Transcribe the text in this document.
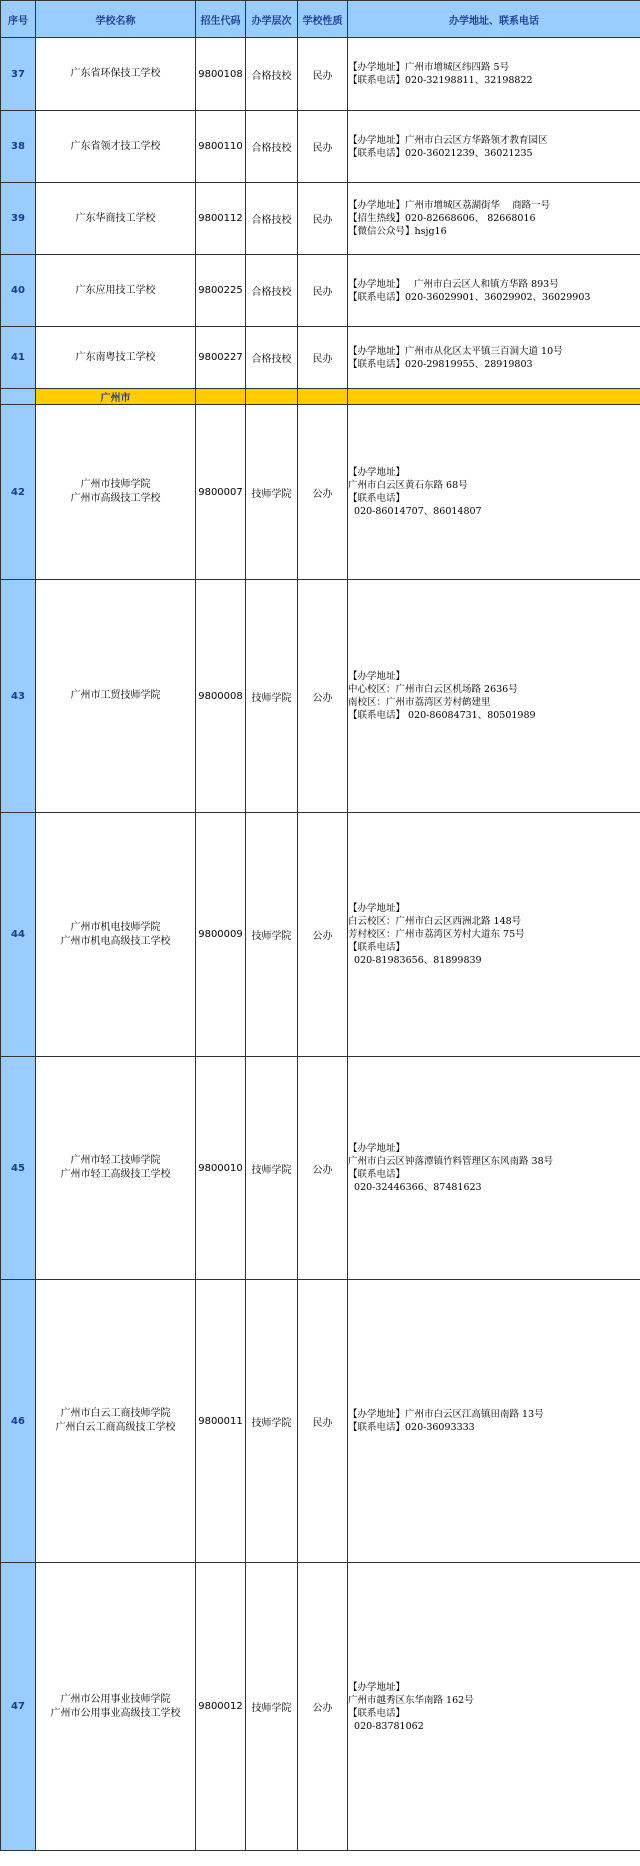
序号	学校名称	招生代码	办学层次	学校性质	办学地址、联系电话
37	广东省环保技工学校	9800108	合格技校	民办	【办学地址】广州市增城区纬四路 5号
【联系电话】020-32198811、32198822

38	广东省领才技工学校	9800110	合格技校	民办	【办学地址】广州市白云区方华路领才教育园区
【联系电话】020-36021239、36021235

39	广东华商技工学校	9800112	合格技校	民办	【办学地址】广州市增城区荔湖街华    商路一号
【招生热线】020-82668606、 82668016
【微信公众号】hsjg16

40	广东应用技工学校	9800225	合格技校	民办	【办学地址】   广州市白云区人和镇方华路 893号
【联系电话】020-36029901、36029902、36029903

41	广东南粤技工学校	9800227	合格技校	民办	【办学地址】广州市从化区太平镇三百洞大道 10号
【联系电话】020-29819955、28919803

	广州市				
42	广州市技师学院
广州市高级技工学校	9800007	技师学院	公办	【办学地址】
广州市白云区黄石东路 68号
【联系电话】
020-86014707、86014807

43	广州市工贸技师学院	9800008	技师学院	公办	【办学地址】
中心校区：广州市白云区机场路 2636号
南校区：广州市荔湾区芳村鹤建里
【联系电话】 020-86084731、80501989

44	广州市机电技师学院
广州市机电高级技工学校	9800009	技师学院	公办	【办学地址】
白云校区：广州市白云区西洲北路 148号
芳村校区：广州市荔湾区芳村大道东 75号
【联系电话】
020-81983656、81899839

45	广州市轻工技师学院
广州市轻工高级技工学校	9800010	技师学院	公办	【办学地址】
广州市白云区钟落潭镇竹料管理区东风南路 38号
【联系电话】
020-32446366、87481623

46	广州市白云工商技师学院
广州白云工商高级技工学校	9800011	技师学院	民办	【办学地址】广州市白云区江高镇田南路 13号
【联系电话】020-36093333

47	广州市公用事业技师学院
广州市公用事业高级技工学校	9800012	技师学院	公办	【办学地址】
广州市越秀区东华南路 162号
【联系电话】
020-83781062
